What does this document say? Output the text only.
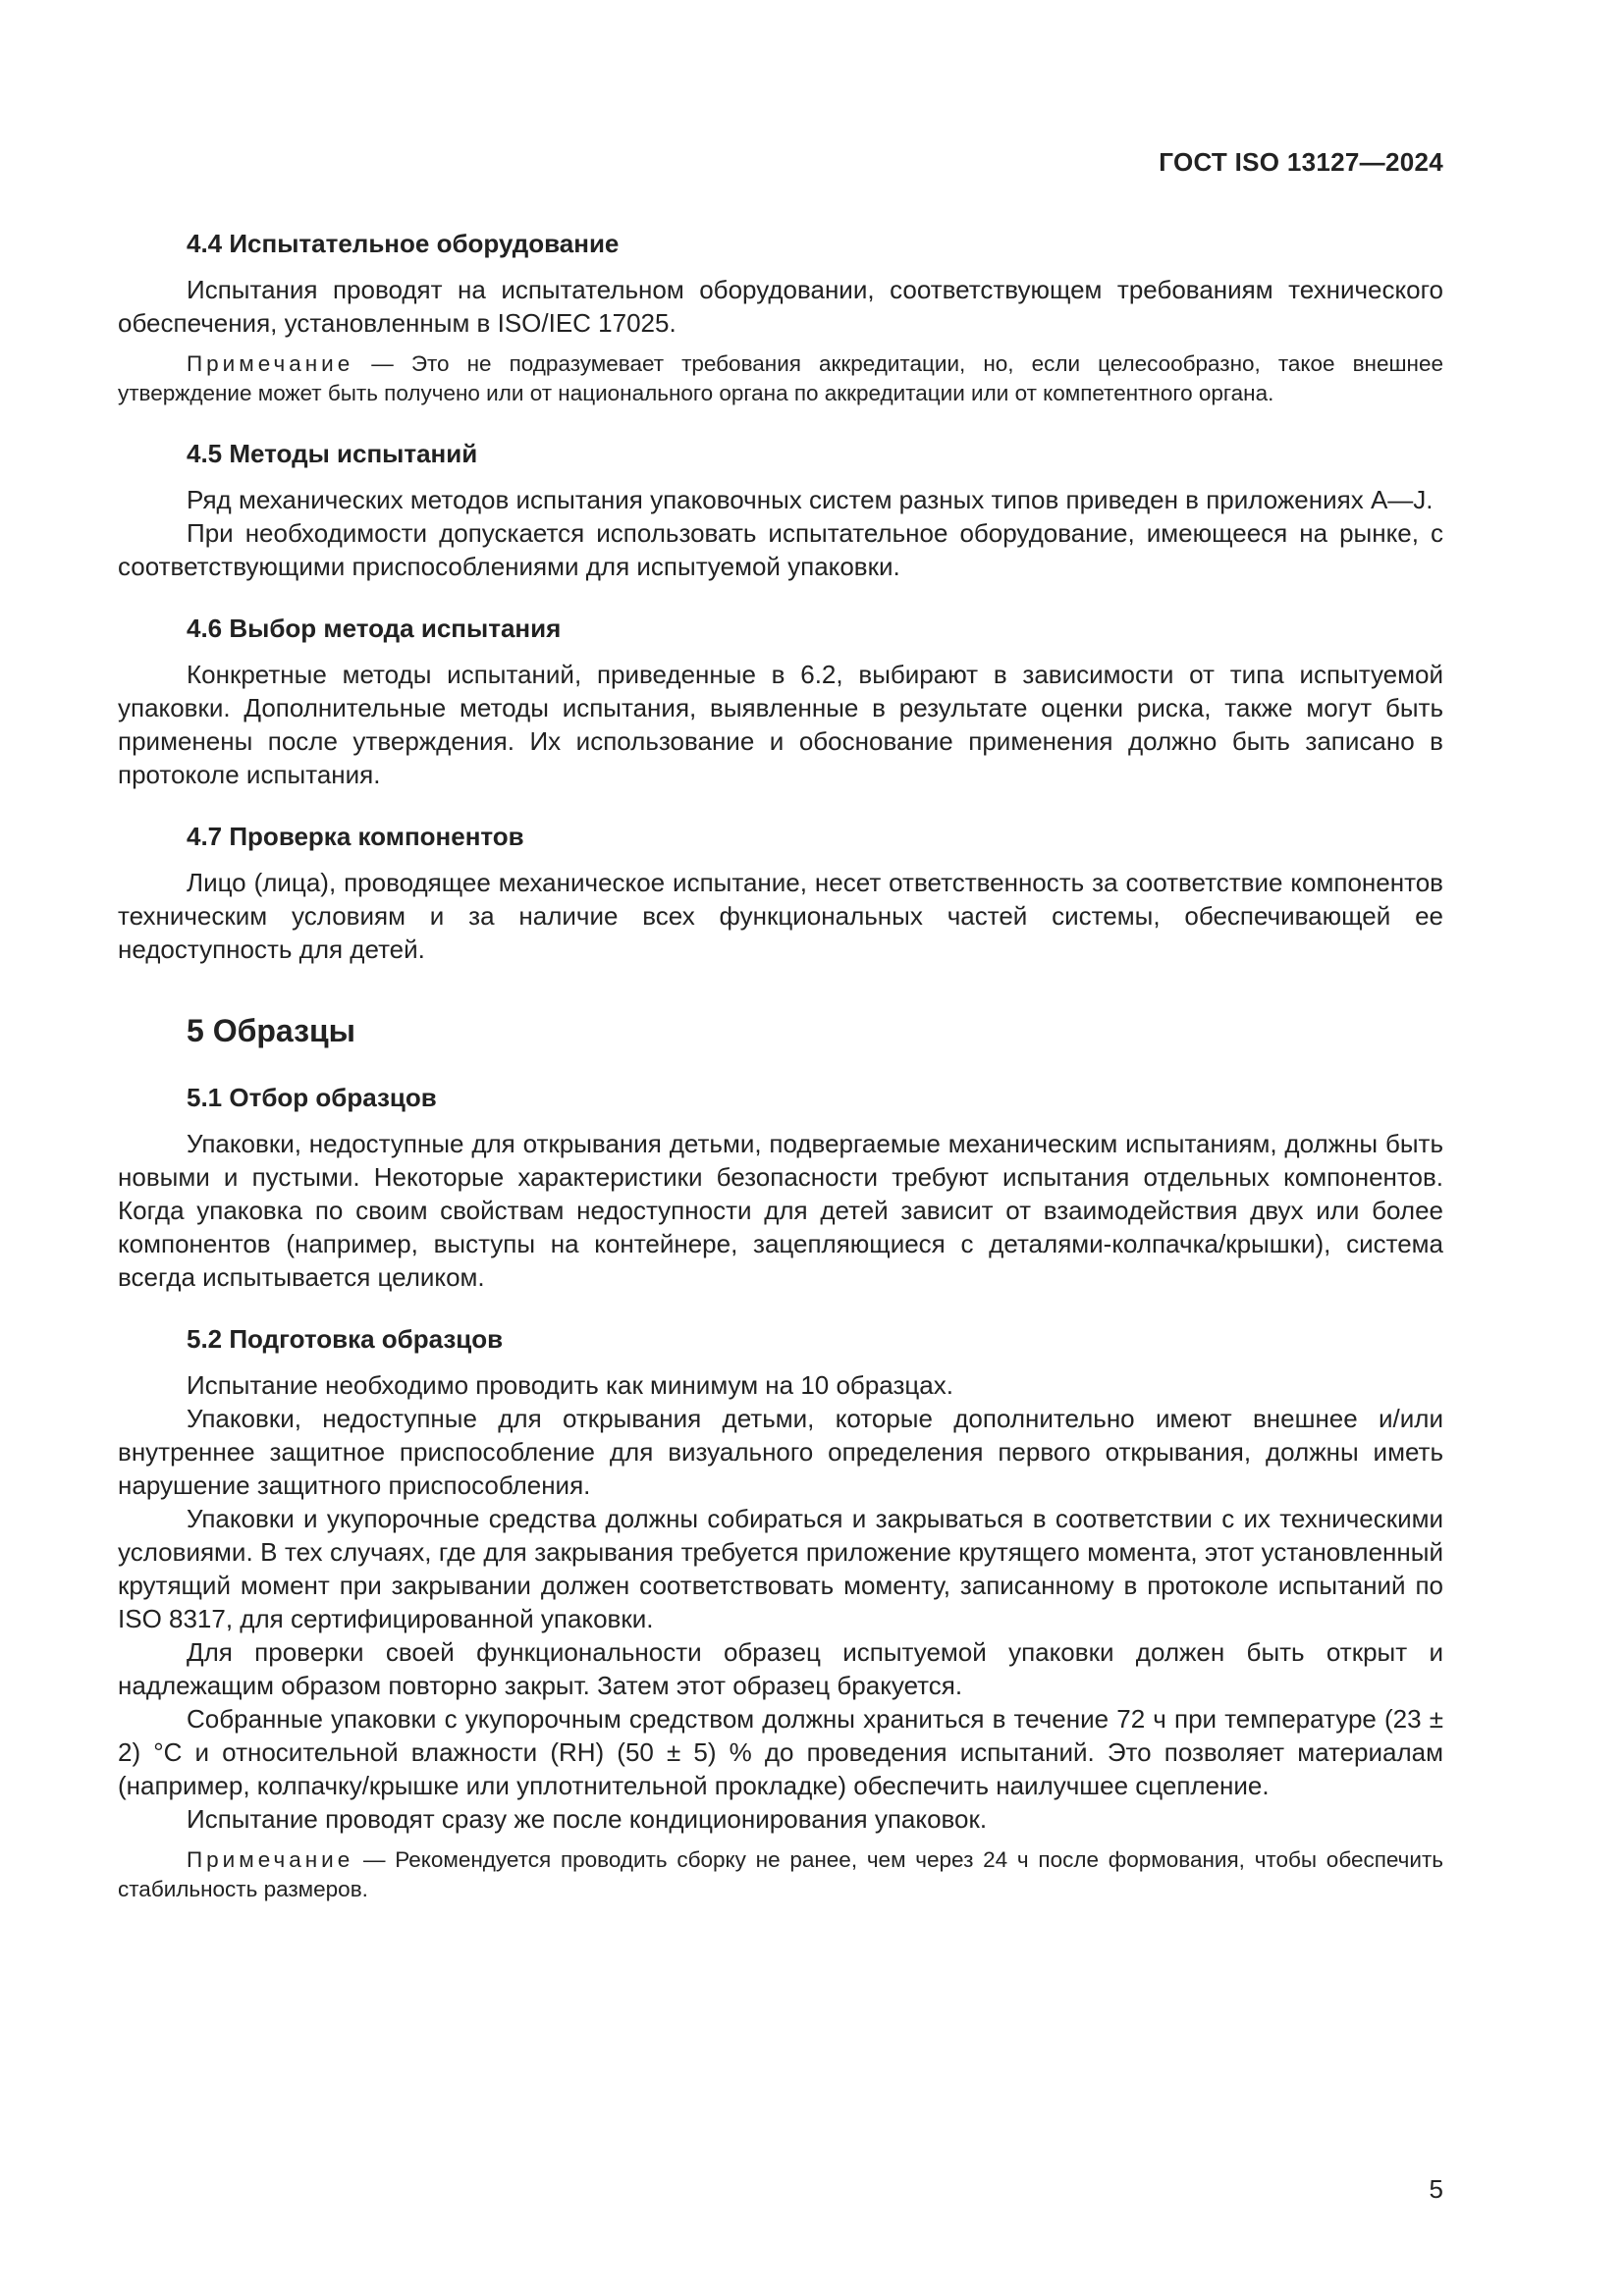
ГОСТ ISO 13127—2024
4.4 Испытательное оборудование

Испытания проводят на испытательном оборудовании, соответствующем требованиям технического обеспечения, установленным в ISO/IEC 17025.

Примечание — Это не подразумевает требования аккредитации, но, если целесообразно, такое внешнее утверждение может быть получено или от национального органа по аккредитации или от компетентного органа.

4.5 Методы испытаний

Ряд механических методов испытания упаковочных систем разных типов приведен в приложениях А—J.

При необходимости допускается использовать испытательное оборудование, имеющееся на рынке, с соответствующими приспособлениями для испытуемой упаковки.

4.6 Выбор метода испытания

Конкретные методы испытаний, приведенные в 6.2, выбирают в зависимости от типа испытуемой упаковки. Дополнительные методы испытания, выявленные в результате оценки риска, также могут быть применены после утверждения. Их использование и обоснование применения должно быть записано в протоколе испытания.

4.7 Проверка компонентов

Лицо (лица), проводящее механическое испытание, несет ответственность за соответствие компонентов техническим условиям и за наличие всех функциональных частей системы, обеспечивающей ее недоступность для детей.

5 Образцы
5.1 Отбор образцов

Упаковки, недоступные для открывания детьми, подвергаемые механическим испытаниям, должны быть новыми и пустыми. Некоторые характеристики безопасности требуют испытания отдельных компонентов. Когда упаковка по своим свойствам недоступности для детей зависит от взаимодействия двух или более компонентов (например, выступы на контейнере, зацепляющиеся с деталями-колпачка/крышки), система всегда испытывается целиком.

5.2 Подготовка образцов

Испытание необходимо проводить как минимум на 10 образцах.

Упаковки, недоступные для открывания детьми, которые дополнительно имеют внешнее и/или внутреннее защитное приспособление для визуального определения первого открывания, должны иметь нарушение защитного приспособления.

Упаковки и укупорочные средства должны собираться и закрываться в соответствии с их техническими условиями. В тех случаях, где для закрывания требуется приложение крутящего момента, этот установленный крутящий момент при закрывании должен соответствовать моменту, записанному в протоколе испытаний по ISO 8317, для сертифицированной упаковки.

Для проверки своей функциональности образец испытуемой упаковки должен быть открыт и надлежащим образом повторно закрыт. Затем этот образец бракуется.

Собранные упаковки с укупорочным средством должны храниться в течение 72 ч при температуре (23 ± 2) °C и относительной влажности (RH) (50 ± 5) % до проведения испытаний. Это позволяет материалам (например, колпачку/крышке или уплотнительной прокладке) обеспечить наилучшее сцепление.

Испытание проводят сразу же после кондиционирования упаковок.

Примечание — Рекомендуется проводить сборку не ранее, чем через 24 ч после формования, чтобы обеспечить стабильность размеров.

5
